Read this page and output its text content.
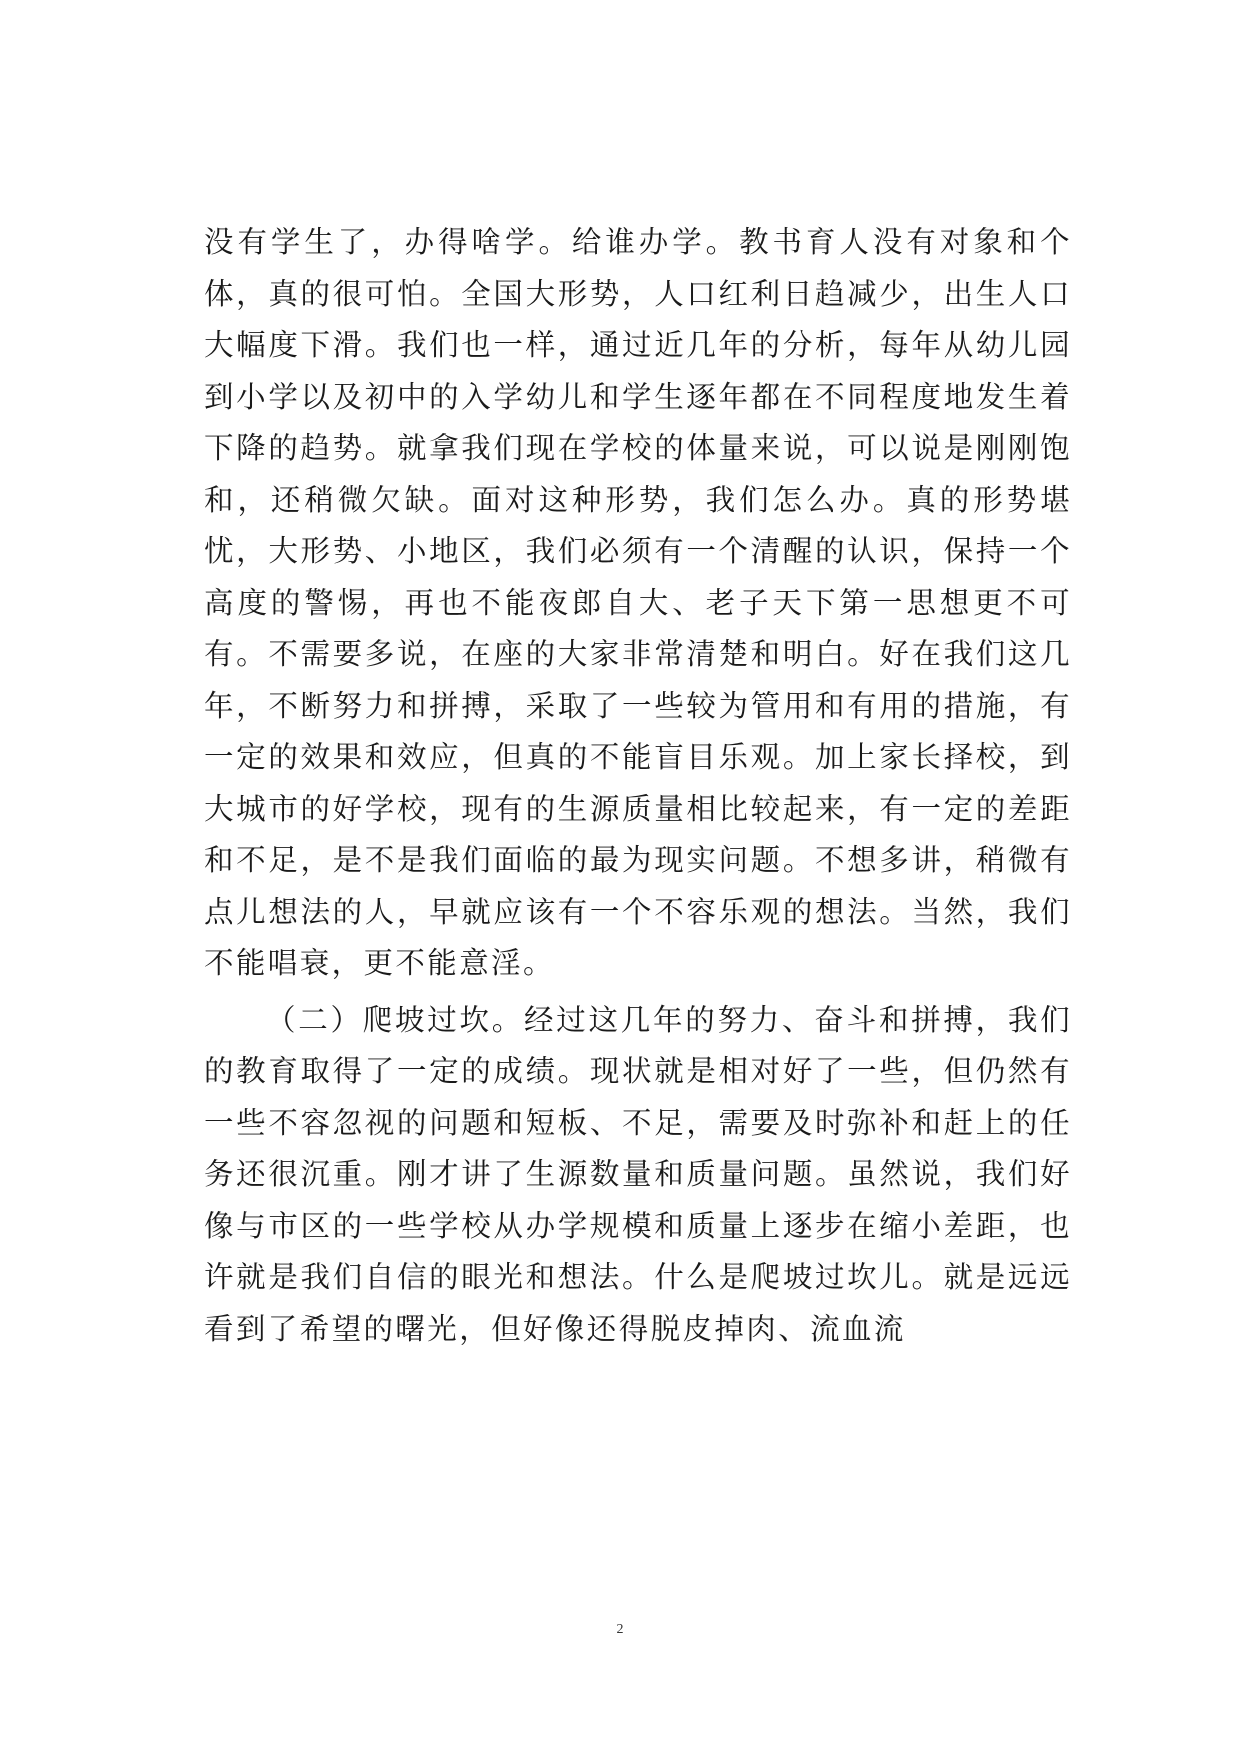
没有学生了，办得啥学。给谁办学。教书育人没有对象和个体，真的很可怕。全国大形势，人口红利日趋减少，出生人口大幅度下滑。我们也一样，通过近几年的分析，每年从幼儿园到小学以及初中的入学幼儿和学生逐年都在不同程度地发生着下降的趋势。就拿我们现在学校的体量来说，可以说是刚刚饱和，还稍微欠缺。面对这种形势，我们怎么办。真的形势堪忧，大形势、小地区，我们必须有一个清醒的认识，保持一个高度的警惕，再也不能夜郎自大、老子天下第一思想更不可有。不需要多说，在座的大家非常清楚和明白。好在我们这几年，不断努力和拼搏，采取了一些较为管用和有用的措施，有一定的效果和效应，但真的不能盲目乐观。加上家长择校，到大城市的好学校，现有的生源质量相比较起来，有一定的差距和不足，是不是我们面临的最为现实问题。不想多讲，稍微有点儿想法的人，早就应该有一个不容乐观的想法。当然，我们不能唱衰，更不能意淫。

（二）爬坡过坎。经过这几年的努力、奋斗和拼搏，我们的教育取得了一定的成绩。现状就是相对好了一些，但仍然有一些不容忽视的问题和短板、不足，需要及时弥补和赶上的任务还很沉重。刚才讲了生源数量和质量问题。虽然说，我们好像与市区的一些学校从办学规模和质量上逐步在缩小差距，也许就是我们自信的眼光和想法。什么是爬坡过坎儿。就是远远看到了希望的曙光，但好像还得脱皮掉肉、流血流

2
